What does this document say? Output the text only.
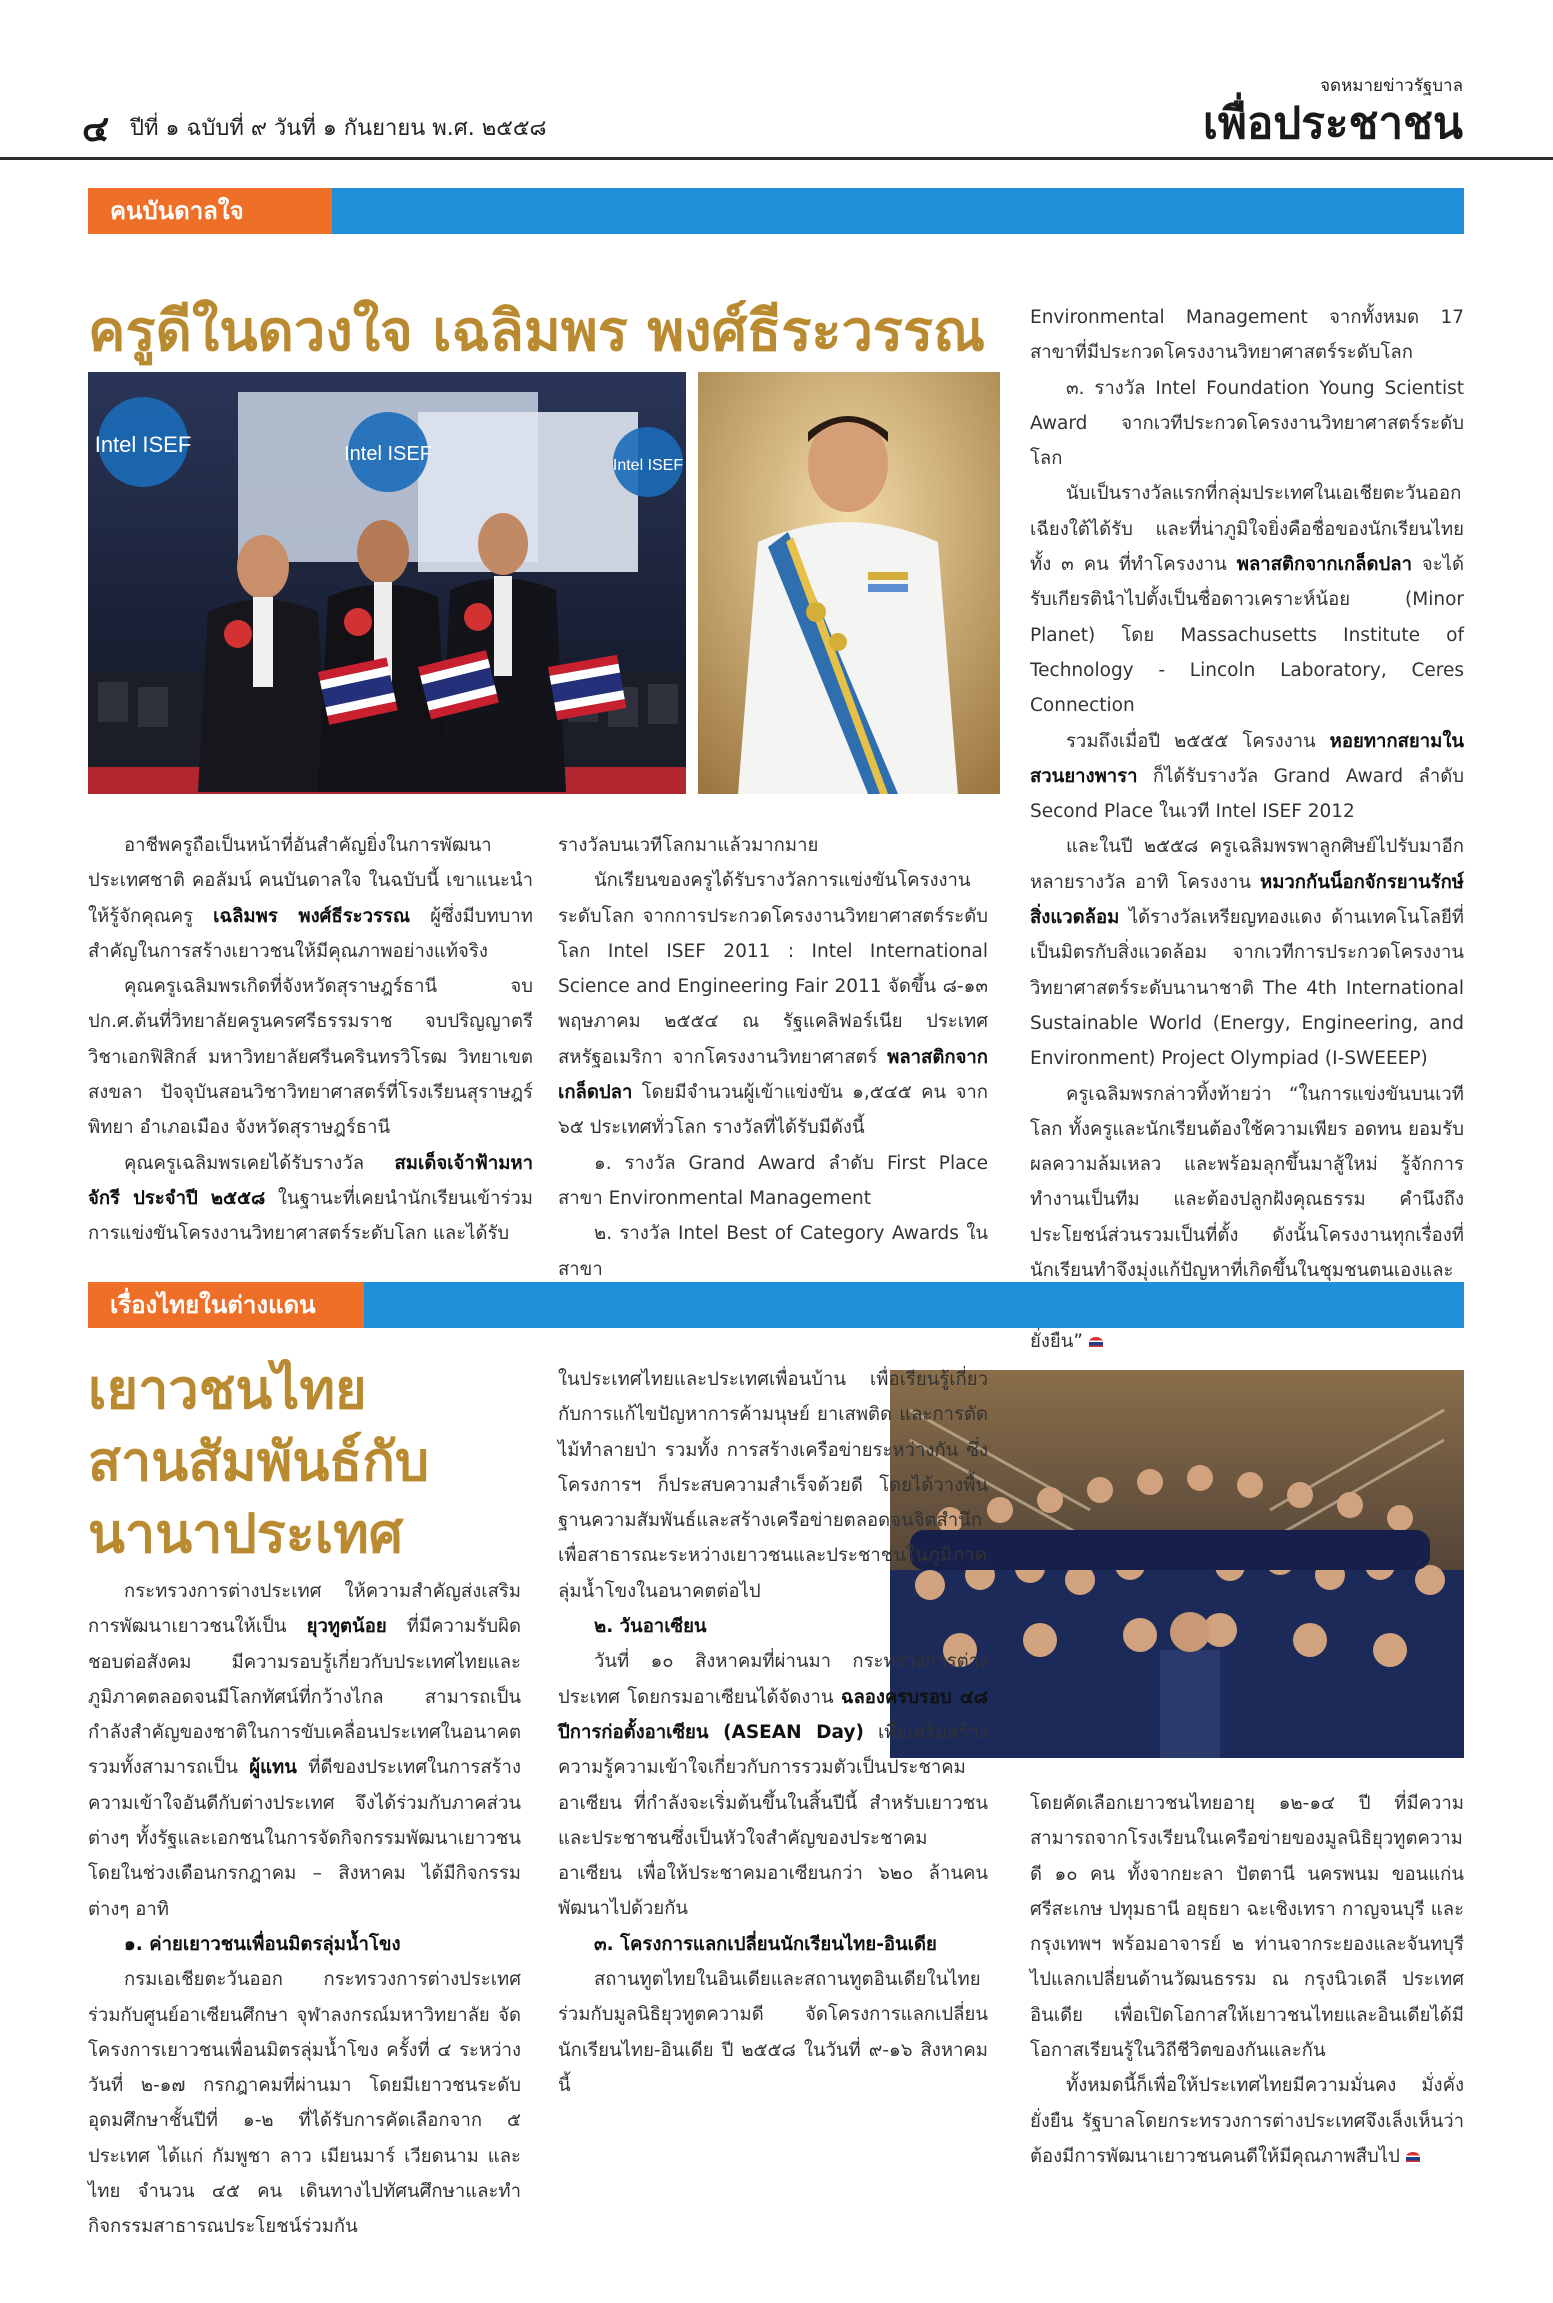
๔ ปีที่ ๑ ฉบับที่ ๙ วันที่ ๑ กันยายน พ.ศ. ๒๕๕๘
จดหมายข่าวรัฐบาล
เพื่อประชาชน
คนบันดาลใจ
ครูดีในดวงใจ เฉลิมพร พงศ์ธีระวรรณ
Intel ISEF	Intel ISEF
Intel ISEF

อาชีพครูถือเป็นหน้าที่อันสำคัญยิ่งในการพัฒนาประเทศชาติ คอลัมน์ คนบันดาลใจ ในฉบับนี้ เขาแนะนำให้รู้จักคุณครู เฉลิมพร พงศ์ธีระวรรณ ผู้ซึ่งมีบทบาทสำคัญในการสร้างเยาวชนให้มีคุณภาพอย่างแท้จริง

คุณครูเฉลิมพรเกิดที่จังหวัดสุราษฎร์ธานี จบ ปก.ศ.ต้นที่วิทยาลัยครูนครศรีธรรมราช จบปริญญาตรีวิชาเอกฟิสิกส์ มหาวิทยาลัยศรีนครินทรวิโรฒ วิทยาเขตสงขลา ปัจจุบันสอนวิชาวิทยาศาสตร์ที่โรงเรียนสุราษฎร์พิทยา อำเภอเมือง จังหวัดสุราษฎร์ธานี

คุณครูเฉลิมพรเคยได้รับรางวัล สมเด็จเจ้าฟ้ามหาจักรี ประจำปี ๒๕๕๘ ในฐานะที่เคยนำนักเรียนเข้าร่วมการแข่งขันโครงงานวิทยาศาสตร์ระดับโลก และได้รับ

รางวัลบนเวทีโลกมาแล้วมากมาย

นักเรียนของครูได้รับรางวัลการแข่งขันโครงงานระดับโลก จากการประกวดโครงงานวิทยาศาสตร์ระดับโลก Intel ISEF 2011 : Intel International Science and Engineering Fair 2011 จัดขึ้น ๘-๑๓ พฤษภาคม ๒๕๕๔ ณ รัฐแคลิฟอร์เนีย ประเทศสหรัฐอเมริกา จากโครงงานวิทยาศาสตร์ พลาสติกจากเกล็ดปลา โดยมีจำนวนผู้เข้าแข่งขัน ๑,๕๔๕ คน จาก ๖๕ ประเทศทั่วโลก รางวัลที่ได้รับมีดังนี้

๑. รางวัล Grand Award ลำดับ First Place สาขา Environmental Management

๒. รางวัล Intel Best of Category Awards ในสาขา

Environmental Management จากทั้งหมด 17 สาขาที่มีประกวดโครงงานวิทยาศาสตร์ระดับโลก

๓. รางวัล Intel Foundation Young Scientist Award จากเวทีประกวดโครงงานวิทยาศาสตร์ระดับโลก

นับเป็นรางวัลแรกที่กลุ่มประเทศในเอเชียตะวันออกเฉียงใต้ได้รับ และที่น่าภูมิใจยิ่งคือชื่อของนักเรียนไทยทั้ง ๓ คน ที่ทำโครงงาน พลาสติกจากเกล็ดปลา จะได้รับเกียรตินำไปตั้งเป็นชื่อดาวเคราะห์น้อย (Minor Planet) โดย Massachusetts Institute of Technology - Lincoln Laboratory, Ceres Connection

รวมถึงเมื่อปี ๒๕๕๕ โครงงาน หอยทากสยามในสวนยางพารา ก็ได้รับรางวัล Grand Award ลำดับ Second Place ในเวที Intel ISEF 2012

และในปี ๒๕๕๘ ครูเฉลิมพรพาลูกศิษย์ไปรับมาอีกหลายรางวัล อาทิ โครงงาน หมวกกันน็อกจักรยานรักษ์สิ่งแวดล้อม ได้รางวัลเหรียญทองแดง ด้านเทคโนโลยีที่เป็นมิตรกับสิ่งแวดล้อม จากเวทีการประกวดโครงงานวิทยาศาสตร์ระดับนานาชาติ The 4th International Sustainable World (Energy, Engineering, and Environment) Project Olympiad (I-SWEEEP)

ครูเฉลิมพรกล่าวทิ้งท้ายว่า “ในการแข่งขันบนเวทีโลก ทั้งครูและนักเรียนต้องใช้ความเพียร อดทน ยอมรับผลความล้มเหลว และพร้อมลุกขึ้นมาสู้ใหม่ รู้จักการทำงานเป็นทีม และต้องปลูกฝังคุณธรรม คำนึงถึงประโยชน์ส่วนรวมเป็นที่ตั้ง ดังนั้นโครงงานทุกเรื่องที่นักเรียนทำจึงมุ่งแก้ปัญหาที่เกิดขึ้นในชุมชนตนเองและ ยั่งยืน”

เรื่องไทยในต่างแดน
เยาวชนไทย
สานสัมพันธ์กับ
นานาประเทศ

กระทรวงการต่างประเทศ ให้ความสำคัญส่งเสริมการพัฒนาเยาวชนให้เป็น ยุวทูตน้อย ที่มีความรับผิดชอบต่อสังคม มีความรอบรู้เกี่ยวกับประเทศไทยและภูมิภาคตลอดจนมีโลกทัศน์ที่กว้างไกล สามารถเป็นกำลังสำคัญของชาติในการขับเคลื่อนประเทศในอนาคต รวมทั้งสามารถเป็น ผู้แทน ที่ดีของประเทศในการสร้างความเข้าใจอันดีกับต่างประเทศ จึงได้ร่วมกับภาคส่วนต่างๆ ทั้งรัฐและเอกชนในการจัดกิจกรรมพัฒนาเยาวชน โดยในช่วงเดือนกรกฎาคม – สิงหาคม ได้มีกิจกรรมต่างๆ อาทิ

๑. ค่ายเยาวชนเพื่อนมิตรลุ่มน้ำโขง

กรมเอเชียตะวันออก กระทรวงการต่างประเทศ ร่วมกับศูนย์อาเซียนศึกษา จุฬาลงกรณ์มหาวิทยาลัย จัดโครงการเยาวชนเพื่อนมิตรลุ่มน้ำโขง ครั้งที่ ๔ ระหว่างวันที่ ๒-๑๗ กรกฎาคมที่ผ่านมา โดยมีเยาวชนระดับอุดมศึกษาชั้นปีที่ ๑-๒ ที่ได้รับการคัดเลือกจาก ๕ ประเทศ ได้แก่ กัมพูชา ลาว เมียนมาร์ เวียดนาม และไทย จำนวน ๔๕ คน เดินทางไปทัศนศึกษาและทำกิจกรรมสาธารณประโยชน์ร่วมกัน

ในประเทศไทยและประเทศเพื่อนบ้าน เพื่อเรียนรู้เกี่ยวกับการแก้ไขปัญหาการค้ามนุษย์ ยาเสพติด และการตัดไม้ทำลายป่า รวมทั้ง การสร้างเครือข่ายระหว่างกัน ซึ่งโครงการฯ ก็ประสบความสำเร็จด้วยดี โดยได้วางพื้นฐานความสัมพันธ์และสร้างเครือข่ายตลอดจนจิตสำนึกเพื่อสาธารณะระหว่างเยาวชนและประชาชนในภูมิภาคลุ่มน้ำโขงในอนาคตต่อไป

๒. วันอาเซียน

วันที่ ๑๐ สิงหาคมที่ผ่านมา กระทรวงการต่างประเทศ โดยกรมอาเซียนได้จัดงาน ฉลองครบรอบ ๔๘ ปีการก่อตั้งอาเซียน (ASEAN Day) เพื่อเสริมสร้างความรู้ความเข้าใจเกี่ยวกับการรวมตัวเป็นประชาคมอาเซียน ที่กำลังจะเริ่มต้นขึ้นในสิ้นปีนี้ สำหรับเยาวชนและประชาชนซึ่งเป็นหัวใจสำคัญของประชาคมอาเซียน เพื่อให้ประชาคมอาเซียนกว่า ๖๒๐ ล้านคนพัฒนาไปด้วยกัน

๓. โครงการแลกเปลี่ยนนักเรียนไทย-อินเดีย

สถานทูตไทยในอินเดียและสถานทูตอินเดียในไทยร่วมกับมูลนิธิยุวทูตความดี จัดโครงการแลกเปลี่ยนนักเรียนไทย-อินเดีย ปี ๒๕๕๘ ในวันที่ ๙-๑๖ สิงหาคมนี้

โดยคัดเลือกเยาวชนไทยอายุ ๑๒-๑๔ ปี ที่มีความสามารถจากโรงเรียนในเครือข่ายของมูลนิธิยุวทูตความดี ๑๐ คน ทั้งจากยะลา ปัตตานี นครพนม ขอนแก่น ศรีสะเกษ ปทุมธานี อยุธยา ฉะเชิงเทรา กาญจนบุรี และกรุงเทพฯ พร้อมอาจารย์ ๒ ท่านจากระยองและจันทบุรี ไปแลกเปลี่ยนด้านวัฒนธรรม ณ กรุงนิวเดลี ประเทศอินเดีย เพื่อเปิดโอกาสให้เยาวชนไทยและอินเดียได้มีโอกาสเรียนรู้ในวิถีชีวิตของกันและกัน

ทั้งหมดนี้ก็เพื่อให้ประเทศไทยมีความมั่นคง มั่งคั่ง ยั่งยืน รัฐบาลโดยกระทรวงการต่างประเทศจึงเล็งเห็นว่าต้องมีการพัฒนาเยาวชนคนดีให้มีคุณภาพสืบไป
